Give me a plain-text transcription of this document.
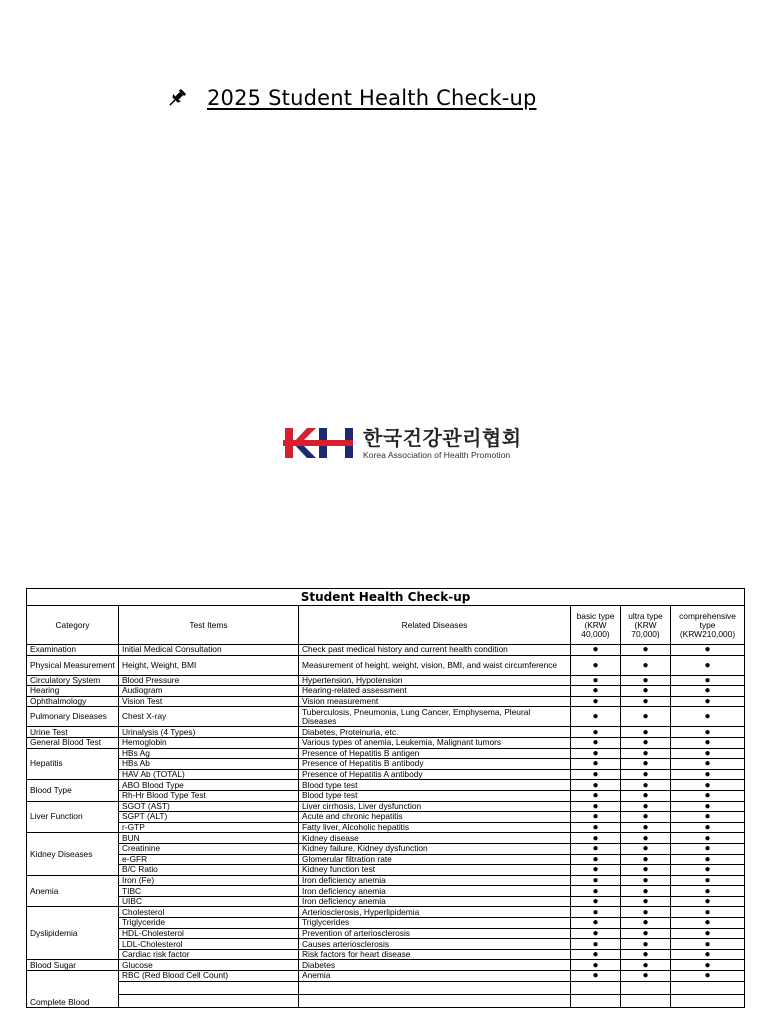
2025 Student Health Check-up
한국건강관리협회
Korea Association of Health Promotion
Student Health Check-up					
Category	Test Items	Related Diseases	basic type (KRW 40,000)	ultra type (KRW 70,000)	comprehensive type (KRW210,000)
Examination	Initial Medical Consultation	Check past medical history and current health condition	●	●	●
Physical Measurement	Height, Weight, BMI	Measurement of height, weight, vision, BMI, and waist circumference	●	●	●
Circulatory System	Blood Pressure	Hypertension, Hypotension	●	●	●
Hearing	Audiogram	Hearing-related assessment	●	●	●
Ophthalmology	Vision Test	Vision measurement	●	●	●
Pulmonary Diseases	Chest X-ray	Tuberculosis, Pneumonia, Lung Cancer, Emphysema, Pleural Diseases	●	●	●
Urine Test	Urinalysis (4 Types)	Diabetes, Proteinuria, etc.	●	●	●
General Blood Test	Hemoglobin	Various types of anemia, Leukemia, Malignant tumors	●	●	●
Hepatitis	HBs Ag	Presence of Hepatitis B antigen	●	●	●
	HBs Ab	Presence of Hepatitis B antibody	●	●	●
	HAV Ab (TOTAL)	Presence of Hepatitis A antibody	●	●	●
Blood Type	ABO Blood Type	Blood type test	●	●	●
	Rh-Hr Blood Type Test	Blood type test	●	●	●
Liver Function	SGOT (AST)	Liver cirrhosis, Liver dysfunction	●	●	●
	SGPT (ALT)	Acute and chronic hepatitis	●	●	●
	r-GTP	Fatty liver, Alcoholic hepatitis	●	●	●
Kidney Diseases	BUN	Kidney disease	●	●	●
	Creatinine	Kidney failure, Kidney dysfunction	●	●	●
	e-GFR	Glomerular filtration rate	●	●	●
	B/C Ratio	Kidney function test	●	●	●
Anemia	Iron (Fe)	Iron deficiency anemia	●	●	●
	TIBC	Iron deficiency anemia	●	●	●
	UIBC	Iron deficiency anemia	●	●	●
Dyslipidemia	Cholesterol	Arteriosclerosis, Hyperlipidemia	●	●	●
	Triglyceride	Triglycerides	●	●	●
	HDL-Cholesterol	Prevention of arteriosclerosis	●	●	●
	LDL-Cholesterol	Causes arteriosclerosis	●	●	●
	Cardiac risk factor	Risk factors for heart disease	●	●	●
Blood Sugar	Glucose	Diabetes	●	●	●
Complete Blood	RBC (Red Blood Cell Count)	Anemia	●	●	●
